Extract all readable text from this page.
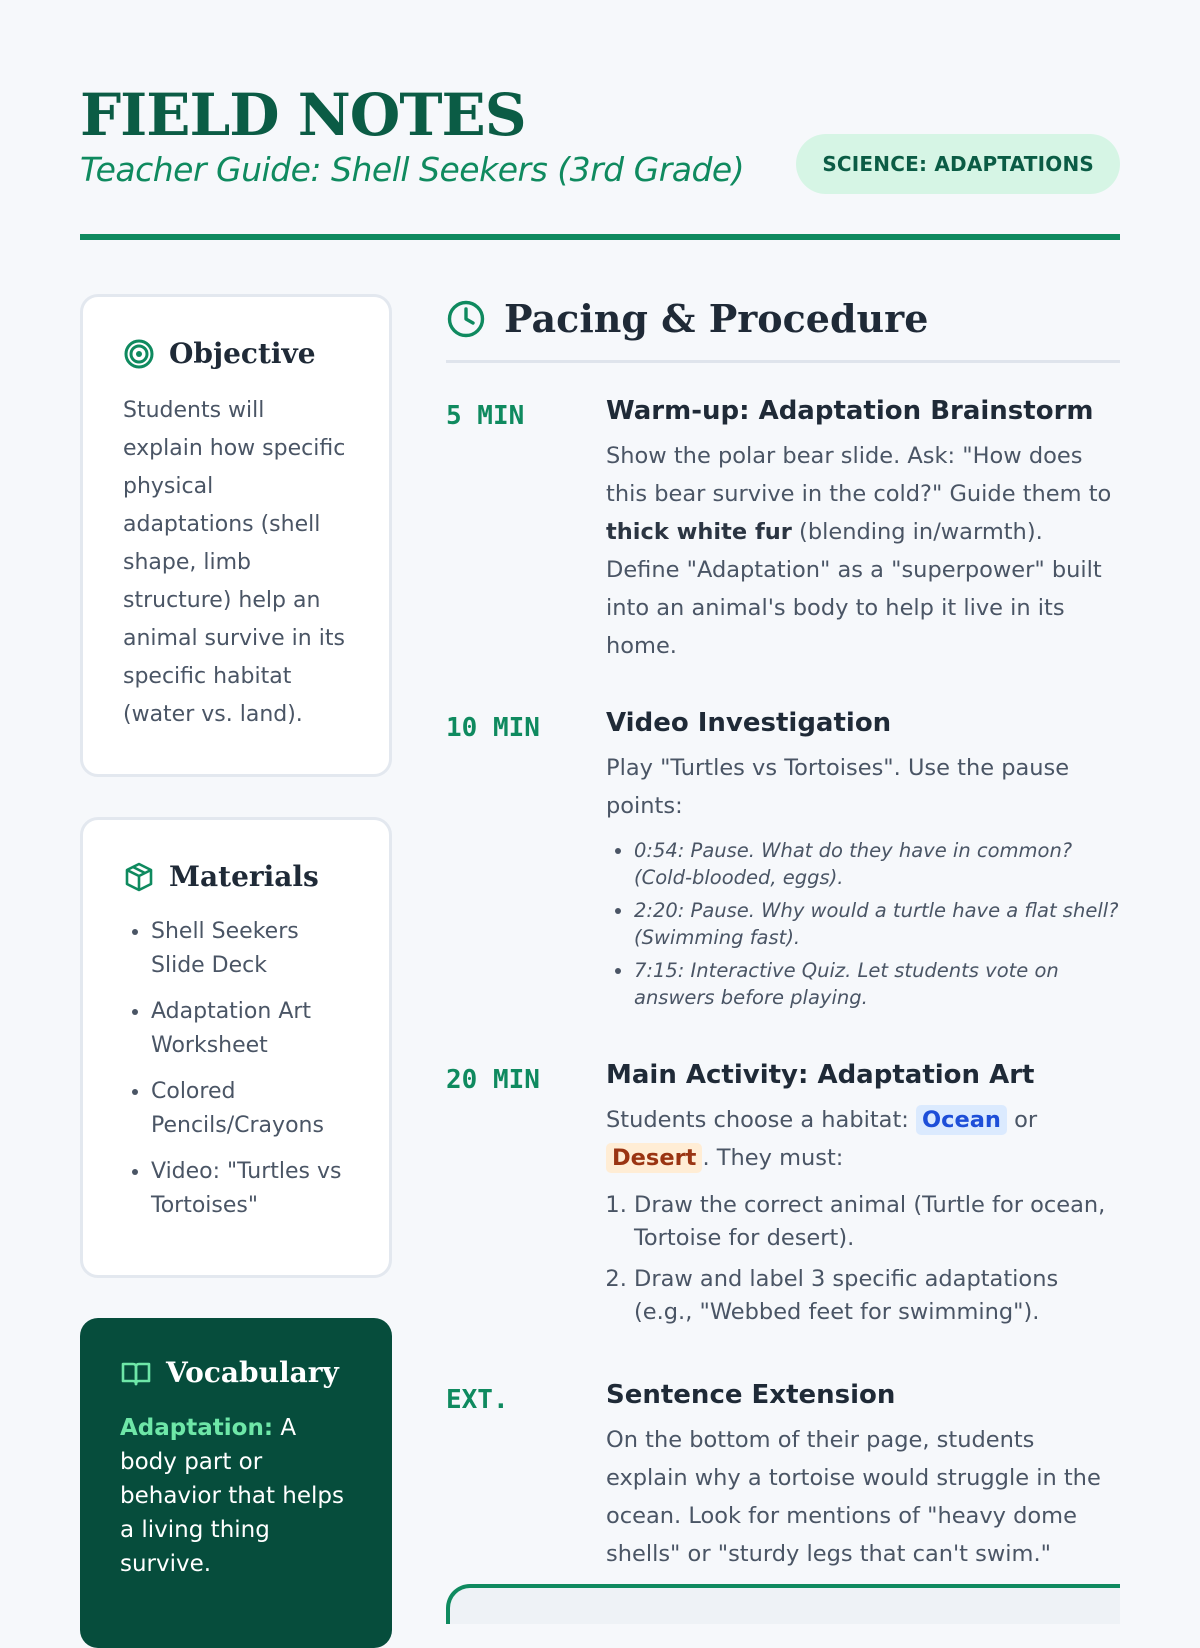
FIELD NOTES
Teacher Guide: Shell Seekers (3rd Grade)	SCIENCE: ADAPTATIONS
Objective

Students will explain how specific physical adaptations (shell shape, limb structure) help an animal survive in its specific habitat (water vs. land).

Materials
• Shell Seekers Slide Deck
• Adaptation Art Worksheet
• Colored Pencils/Crayons
• Video: "Turtles vs Tortoises"
Vocabulary

Adaptation: A body part or behavior that helps a living thing survive.

Pacing & Procedure
5 MIN	Warm-up: Adaptation Brainstorm

Show the polar bear slide. Ask: "How does this bear survive in the cold?" Guide them to thick white fur (blending in/warmth). Define "Adaptation" as a "superpower" built into an animal's body to help it live in its home.

10 MIN	Video Investigation

Play "Turtles vs Tortoises". Use the pause points:

• 0:54: Pause. What do they have in common? (Cold-blooded, eggs).
• 2:20: Pause. Why would a turtle have a flat shell? (Swimming fast).
• 7:15: Interactive Quiz. Let students vote on answers before playing.
20 MIN	Main Activity: Adaptation Art

Students choose a habitat: Ocean or Desert . They must:

1. Draw the correct animal (Turtle for ocean, Tortoise for desert).
2. Draw and label 3 specific adaptations (e.g., "Webbed feet for swimming").
EXT.	Sentence Extension

On the bottom of their page, students explain why a tortoise would struggle in the ocean. Look for mentions of "heavy dome shells" or "sturdy legs that can't swim."
